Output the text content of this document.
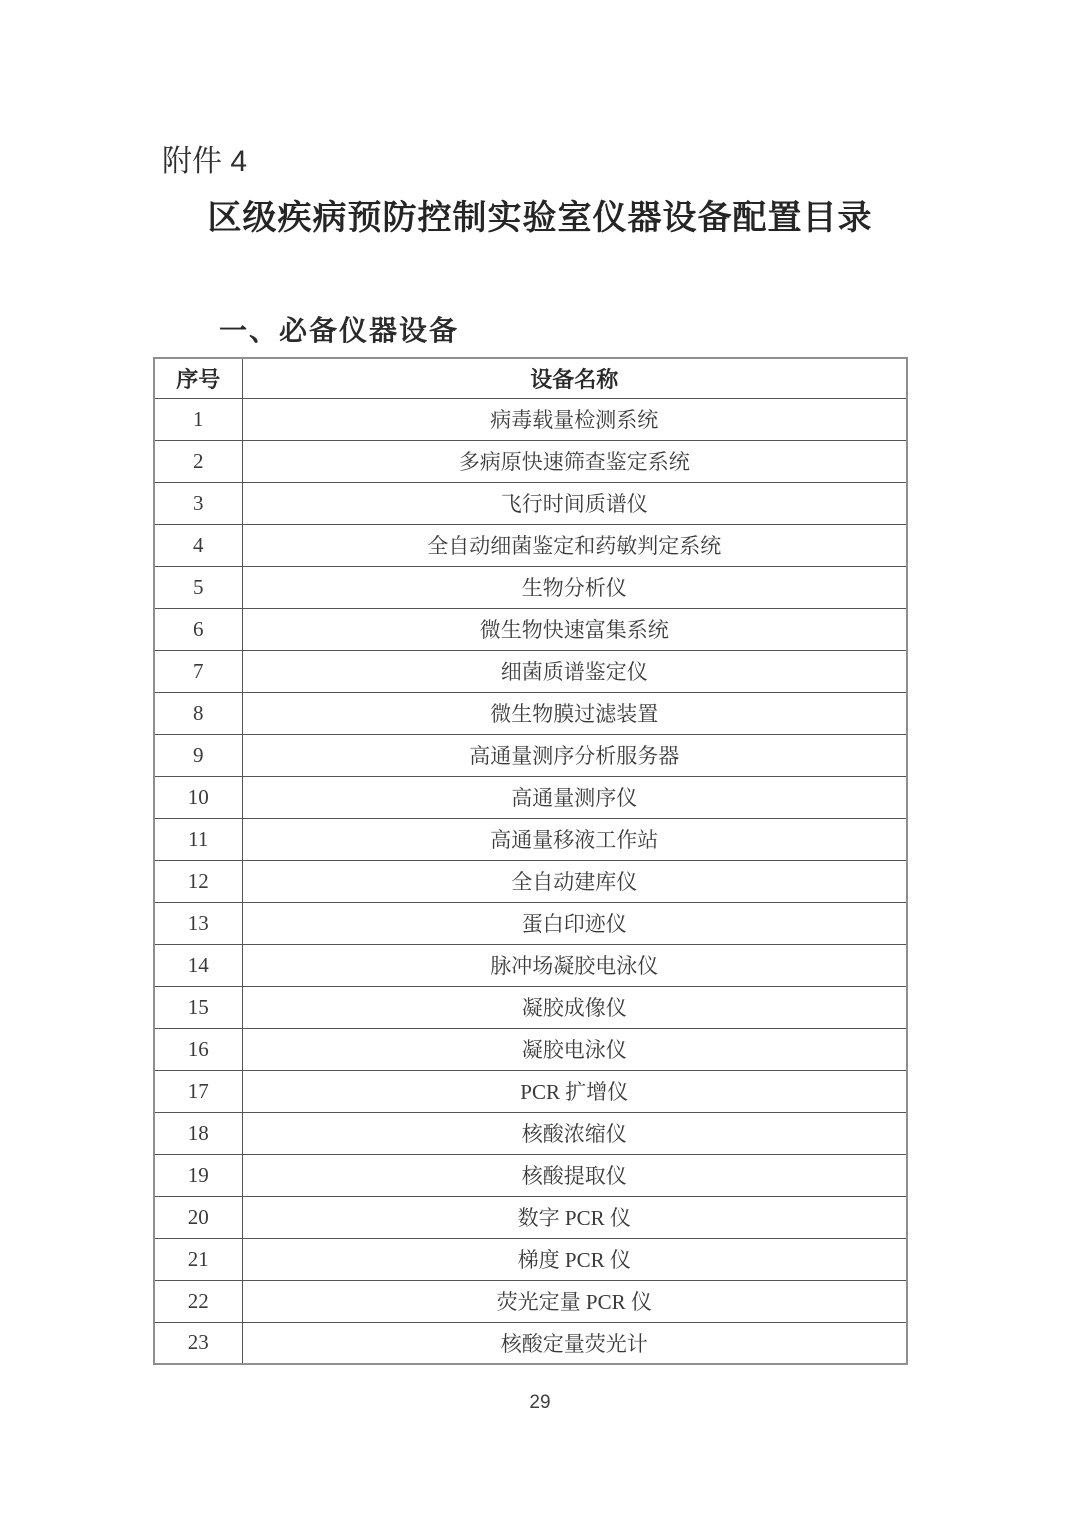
附件 4
区级疾病预防控制实验室仪器设备配置目录
一、必备仪器设备
序号	设备名称
1	病毒载量检测系统
2	多病原快速筛查鉴定系统
3	飞行时间质谱仪
4	全自动细菌鉴定和药敏判定系统
5	生物分析仪
6	微生物快速富集系统
7	细菌质谱鉴定仪
8	微生物膜过滤装置
9	高通量测序分析服务器
10	高通量测序仪
11	高通量移液工作站
12	全自动建库仪
13	蛋白印迹仪
14	脉冲场凝胶电泳仪
15	凝胶成像仪
16	凝胶电泳仪
17	PCR 扩增仪
18	核酸浓缩仪
19	核酸提取仪
20	数字 PCR 仪
21	梯度 PCR 仪
22	荧光定量 PCR 仪
23	核酸定量荧光计
29
